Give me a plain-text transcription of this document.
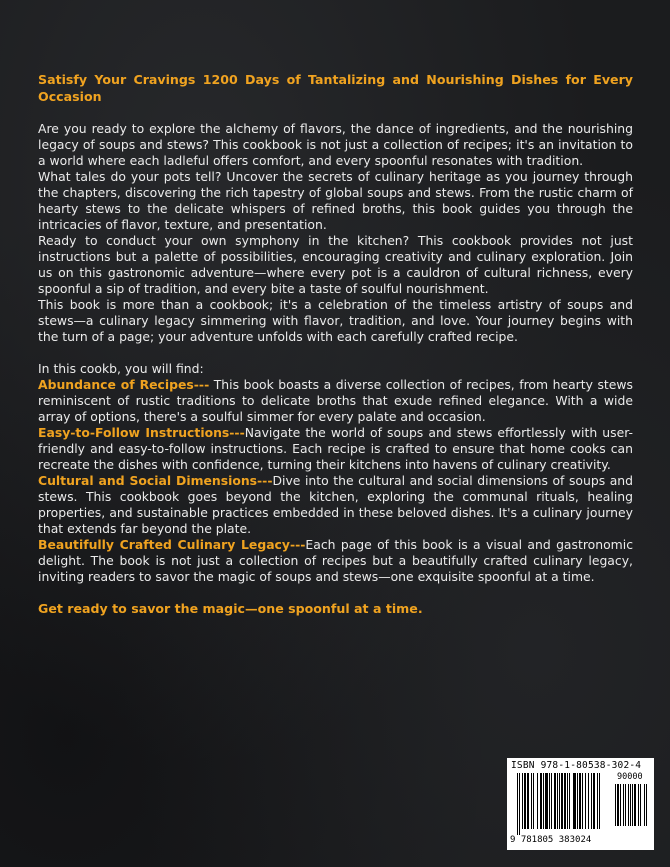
Satisfy Your Cravings 1200 Days of Tantalizing and Nourishing Dishes for Every Occasion

Are you ready to explore the alchemy of flavors, the dance of ingredients, and the nourishing legacy of soups and stews? This cookbook is not just a collection of recipes; it's an invitation to a world where each ladleful offers comfort, and every spoonful resonates with tradition.

What tales do your pots tell? Uncover the secrets of culinary heritage as you journey through the chapters, discovering the rich tapestry of global soups and stews. From the rustic charm of hearty stews to the delicate whispers of refined broths, this book guides you through the intricacies of flavor, texture, and presentation.

Ready to conduct your own symphony in the kitchen? This cookbook provides not just instructions but a palette of possibilities, encouraging creativity and culinary exploration. Join us on this gastronomic adventure—where every pot is a cauldron of cultural richness, every spoonful a sip of tradition, and every bite a taste of soulful nourishment.

This book is more than a cookbook; it's a celebration of the timeless artistry of soups and stews—a culinary legacy simmering with flavor, tradition, and love. Your journey begins with the turn of a page; your adventure unfolds with each carefully crafted recipe.

In this cookb, you will find:

Abundance of Recipes--- This book boasts a diverse collection of recipes, from hearty stews reminiscent of rustic traditions to delicate broths that exude refined elegance. With a wide array of options, there's a soulful simmer for every palate and occasion.

Easy-to-Follow Instructions---Navigate the world of soups and stews effortlessly with user-friendly and easy-to-follow instructions. Each recipe is crafted to ensure that home cooks can recreate the dishes with confidence, turning their kitchens into havens of culinary creativity.

Cultural and Social Dimensions---Dive into the cultural and social dimensions of soups and stews. This cookbook goes beyond the kitchen, exploring the communal rituals, healing properties, and sustainable practices embedded in these beloved dishes. It's a culinary journey that extends far beyond the plate.

Beautifully Crafted Culinary Legacy---Each page of this book is a visual and gastronomic delight. The book is not just a collection of recipes but a beautifully crafted culinary legacy, inviting readers to savor the magic of soups and stews—one exquisite spoonful at a time.

Get ready to savor the magic—one spoonful at a time.

ISBN 978-1-80538-302-4
90000
9 781805 383024
